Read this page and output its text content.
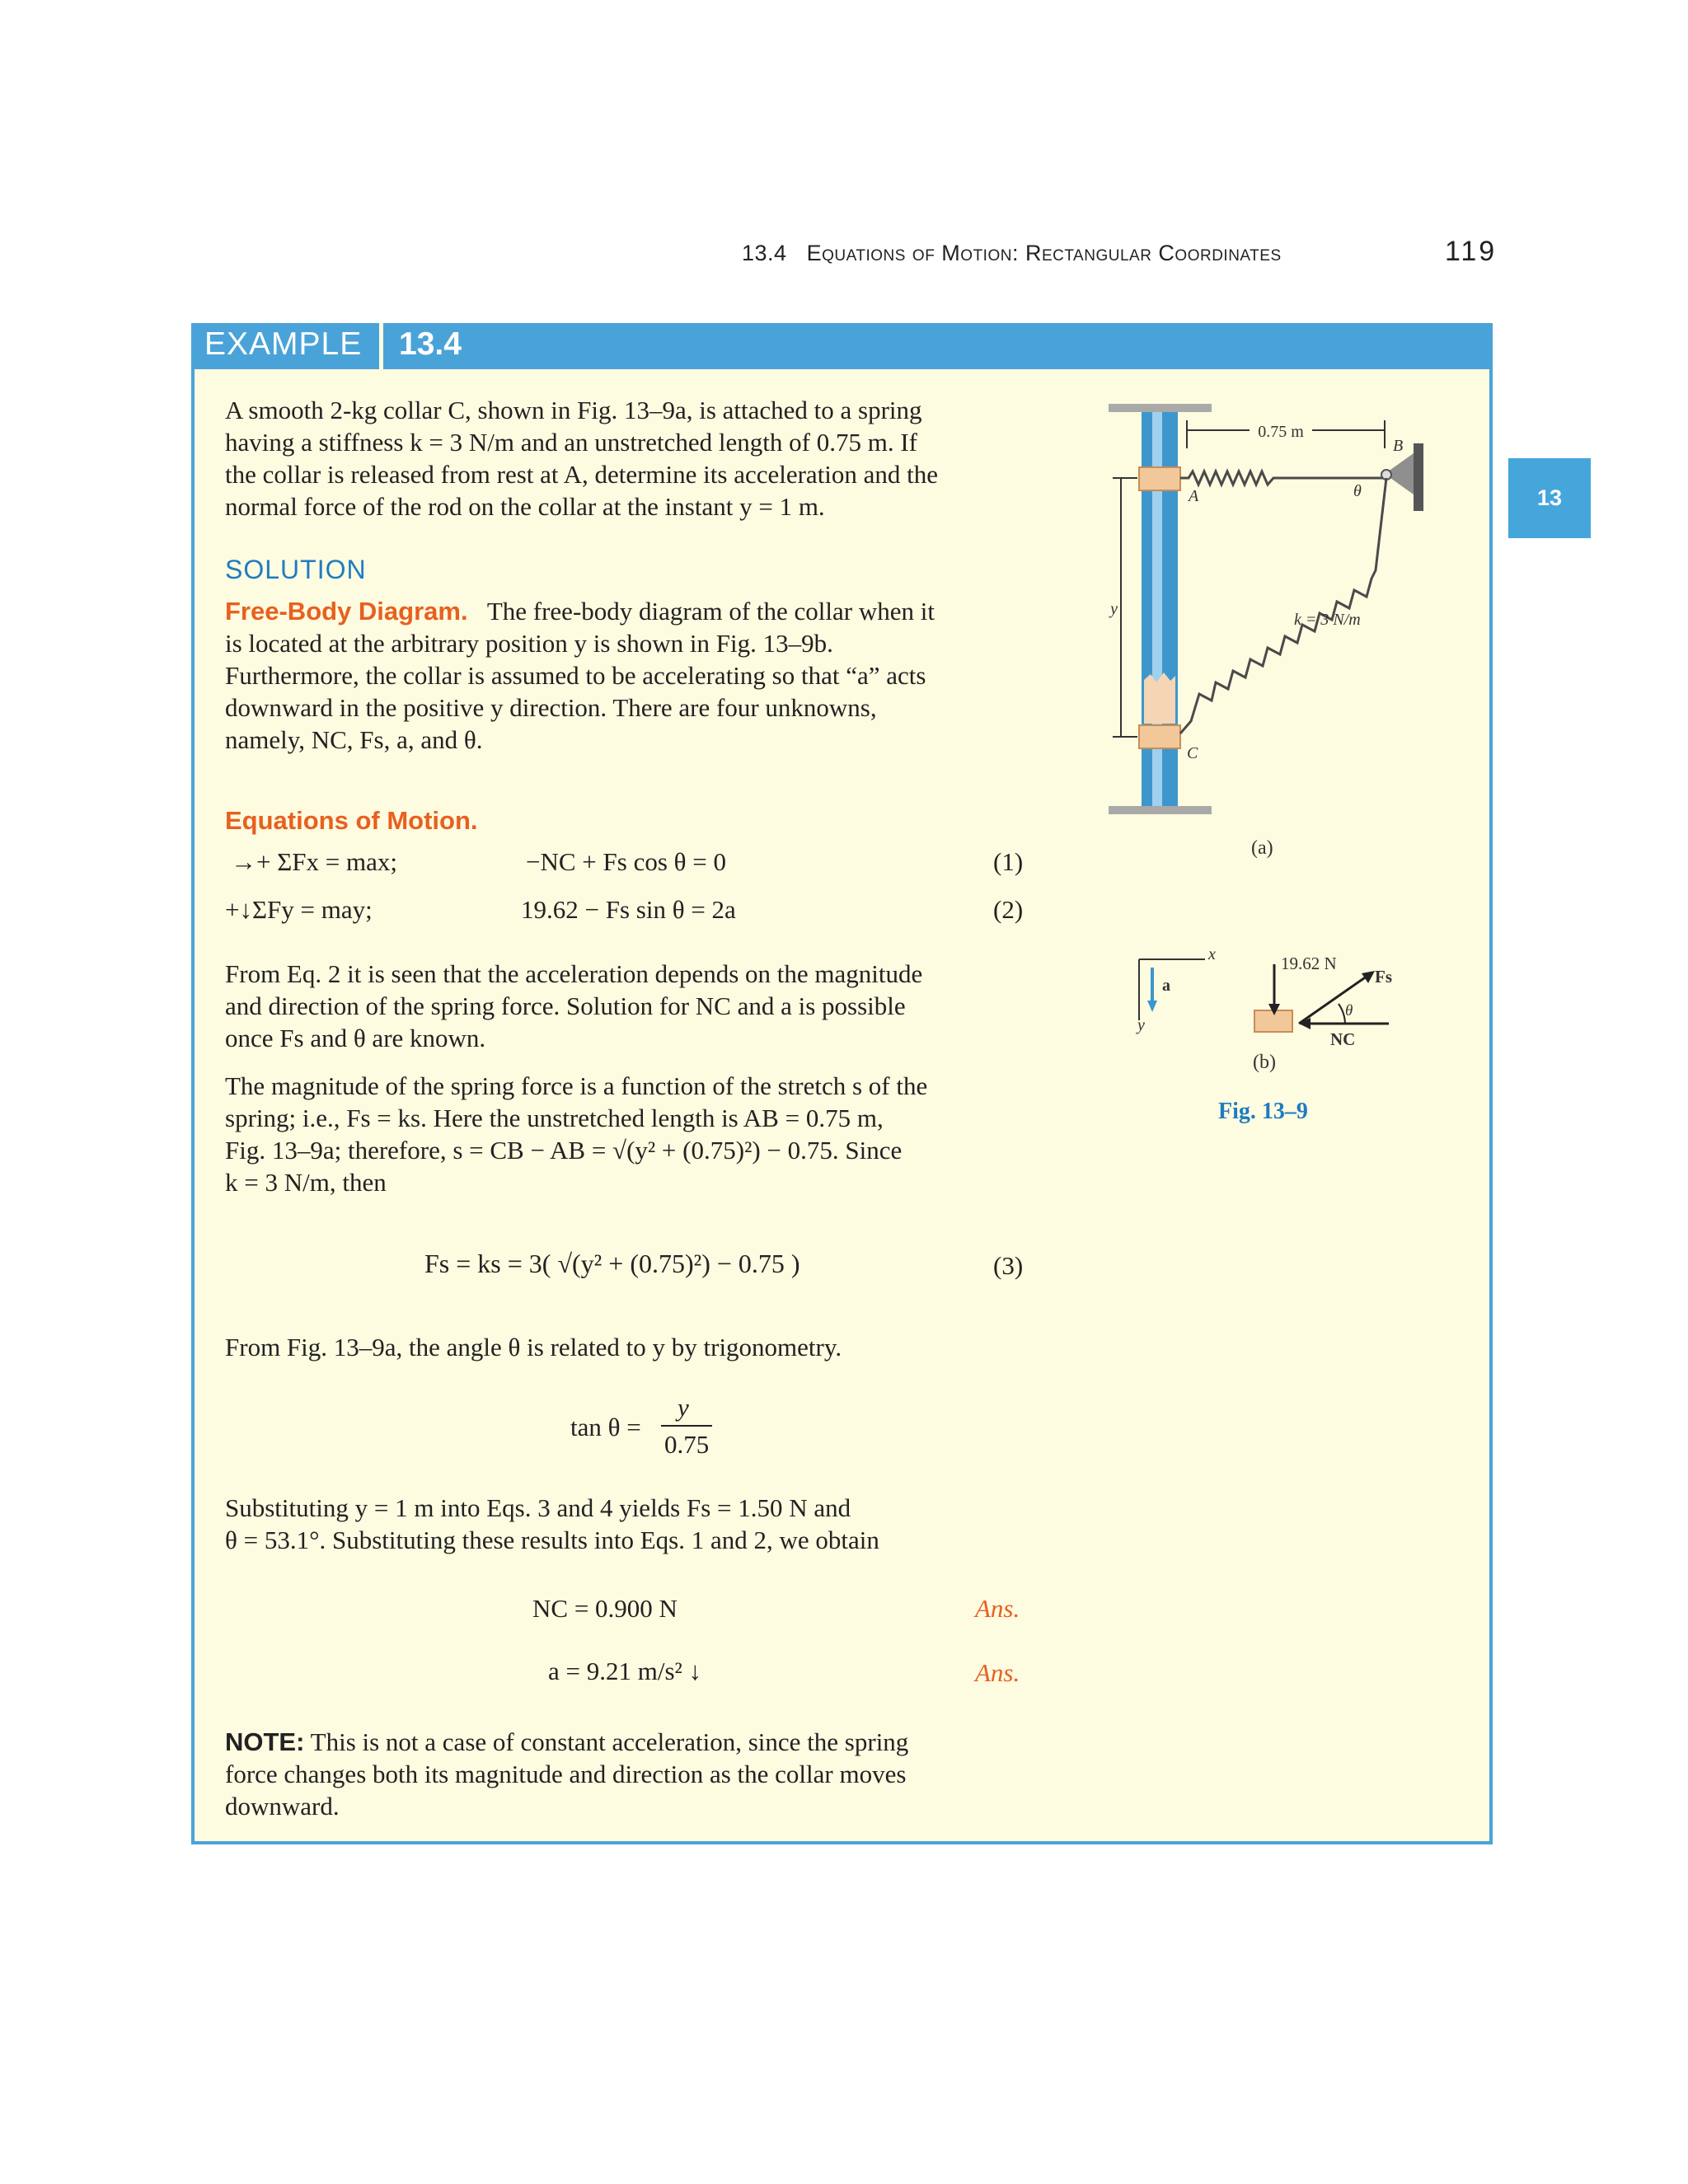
13.4 Equations of Motion: Rectangular Coordinates	119
13
EXAMPLE 13.4
A smooth 2-kg collar C, shown in Fig. 13–9a, is attached to a spring
having a stiffness k = 3 N/m and an unstretched length of 0.75 m. If
the collar is released from rest at A, determine its acceleration and the
normal force of the rod on the collar at the instant y = 1 m.
SOLUTION
Free-Body Diagram. The free-body diagram of the collar when it
is located at the arbitrary position y is shown in Fig. 13–9b.
Furthermore, the collar is assumed to be accelerating so that “a” acts
downward in the positive y direction. There are four unknowns,
namely, NC, Fs, a, and θ.
Equations of Motion.
→+ ΣFx = max;	−NC + Fs cos θ = 0	(1)
+↓ΣFy = may;	19.62 − Fs sin θ = 2a	(2)
From Eq. 2 it is seen that the acceleration depends on the magnitude
and direction of the spring force. Solution for NC and a is possible
once Fs and θ are known.
The magnitude of the spring force is a function of the stretch s of the
spring; i.e., Fs = ks. Here the unstretched length is AB = 0.75 m,
Fig. 13–9a; therefore, s = CB − AB = √(y² + (0.75)²) − 0.75. Since
k = 3 N/m, then
Fs = ks = 3( √(y² + (0.75)²) − 0.75 )	(3)
From Fig. 13–9a, the angle θ is related to y by trigonometry.
tan θ =
y
0.75
Substituting y = 1 m into Eqs. 3 and 4 yields Fs = 1.50 N and
θ = 53.1°. Substituting these results into Eqs. 1 and 2, we obtain
NC = 0.900 N	Ans.
a = 9.21 m/s² ↓	Ans.
NOTE: This is not a case of constant acceleration, since the spring
force changes both its magnitude and direction as the collar moves
downward.
y
0.75 m
B
A	θ
k = 3 N/m
C
(a)
x
y
a
19.62 N
NC
Fs
θ
(b)
Fig. 13–9
